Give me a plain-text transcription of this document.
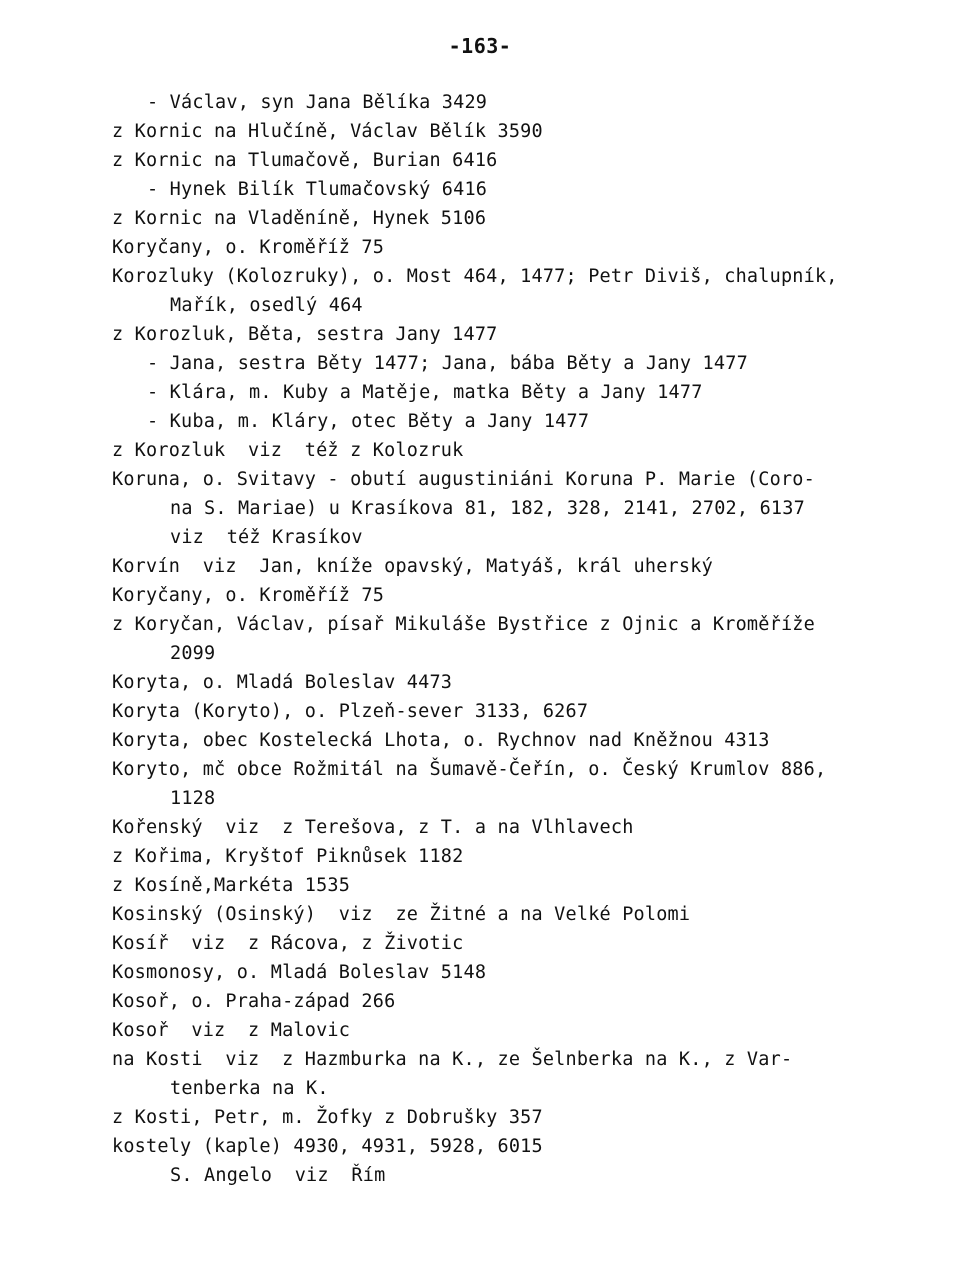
-163-
- Václav, syn Jana Bělíka 3429
z Kornic na Hlučíně, Václav Bělík 3590
z Kornic na Tlumačově, Burian 6416
- Hynek Bilík Tlumačovský 6416
z Kornic na Vladěníně, Hynek 5106
Koryčany, o. Kroměříž 75
Korozluky (Kolozruky), o. Most 464, 1477; Petr Diviš, chalupník,
Mařík, osedlý 464
z Korozluk, Běta, sestra Jany 1477
- Jana, sestra Běty 1477; Jana, bába Běty a Jany 1477
- Klára, m. Kuby a Matěje, matka Běty a Jany 1477
- Kuba, m. Kláry, otec Běty a Jany 1477
z Korozluk  viz  též z Kolozruk
Koruna, o. Svitavy - obutí augustiniáni Koruna P. Marie (Coro-
na S. Mariae) u Krasíkova 81, 182, 328, 2141, 2702, 6137
viz  též Krasíkov
Korvín  viz  Jan, kníže opavský, Matyáš, král uherský
Koryčany, o. Kroměříž 75
z Koryčan, Václav, písař Mikuláše Bystřice z Ojnic a Kroměříže
2099
Koryta, o. Mladá Boleslav 4473
Koryta (Koryto), o. Plzeň-sever 3133, 6267
Koryta, obec Kostelecká Lhota, o. Rychnov nad Kněžnou 4313
Koryto, mč obce Rožmitál na Šumavě-Čeřín, o. Český Krumlov 886,
1128
Kořenský  viz  z Terešova, z T. a na Vlhlavech
z Kořima, Kryštof Piknůsek 1182
z Kosíně,Markéta 1535
Kosinský (Osinský)  viz  ze Žitné a na Velké Polomi
Kosíř  viz  z Rácova, z Životic
Kosmonosy, o. Mladá Boleslav 5148
Kosoř, o. Praha-západ 266
Kosoř  viz  z Malovic
na Kosti  viz  z Hazmburka na K., ze Šelnberka na K., z Var-
tenberka na K.
z Kosti, Petr, m. Žofky z Dobrušky 357
kostely (kaple) 4930, 4931, 5928, 6015
S. Angelo  viz  Řím
